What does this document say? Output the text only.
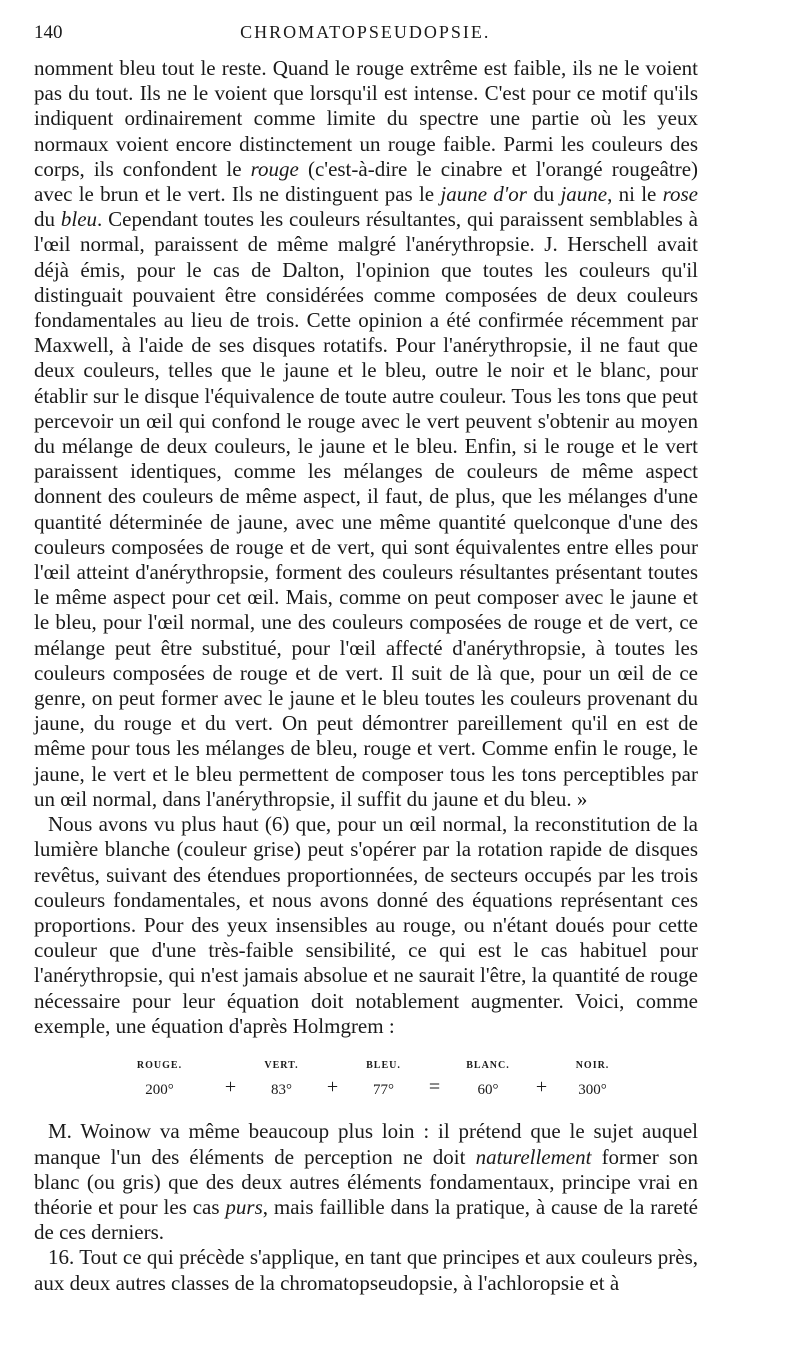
140	CHROMATOPSEUDOPSIE.

nomment bleu tout le reste. Quand le rouge extrême est faible, ils ne le voient pas du tout. Ils ne le voient que lorsqu'il est intense. C'est pour ce motif qu'ils indiquent ordinairement comme limite du spectre une partie où les yeux normaux voient encore distinctement un rouge faible. Parmi les couleurs des corps, ils confondent le rouge (c'est-à-dire le cinabre et l'orangé rougeâtre) avec le brun et le vert. Ils ne distinguent pas le jaune d'or du jaune, ni le rose du bleu. Cependant toutes les couleurs résultantes, qui paraissent semblables à l'œil normal, paraissent de même malgré l'anérythropsie. J. Herschell avait déjà émis, pour le cas de Dalton, l'opinion que toutes les couleurs qu'il distinguait pouvaient être considérées comme composées de deux couleurs fondamentales au lieu de trois. Cette opinion a été confirmée récemment par Maxwell, à l'aide de ses disques rotatifs. Pour l'anérythropsie, il ne faut que deux couleurs, telles que le jaune et le bleu, outre le noir et le blanc, pour établir sur le disque l'équivalence de toute autre couleur. Tous les tons que peut percevoir un œil qui confond le rouge avec le vert peuvent s'obtenir au moyen du mélange de deux couleurs, le jaune et le bleu. Enfin, si le rouge et le vert paraissent identiques, comme les mélanges de couleurs de même aspect donnent des couleurs de même aspect, il faut, de plus, que les mélanges d'une quantité déterminée de jaune, avec une même quantité quelconque d'une des couleurs composées de rouge et de vert, qui sont équivalentes entre elles pour l'œil atteint d'anérythropsie, forment des couleurs résultantes présentant toutes le même aspect pour cet œil. Mais, comme on peut composer avec le jaune et le bleu, pour l'œil normal, une des couleurs composées de rouge et de vert, ce mélange peut être substitué, pour l'œil affecté d'anérythropsie, à toutes les couleurs composées de rouge et de vert. Il suit de là que, pour un œil de ce genre, on peut former avec le jaune et le bleu toutes les couleurs provenant du jaune, du rouge et du vert. On peut démontrer pareillement qu'il en est de même pour tous les mélanges de bleu, rouge et vert. Comme enfin le rouge, le jaune, le vert et le bleu permettent de composer tous les tons perceptibles par un œil normal, dans l'anérythropsie, il suffit du jaune et du bleu. »

Nous avons vu plus haut (6) que, pour un œil normal, la reconstitution de la lumière blanche (couleur grise) peut s'opérer par la rotation rapide de disques revêtus, suivant des étendues proportionnées, de secteurs occupés par les trois couleurs fondamentales, et nous avons donné des équations représentant ces proportions. Pour des yeux insensibles au rouge, ou n'étant doués pour cette couleur que d'une très-faible sensibilité, ce qui est le cas habituel pour l'anérythropsie, qui n'est jamais absolue et ne saurait l'être, la quantité de rouge nécessaire pour leur équation doit notablement augmenter. Voici, comme exemple, une équation d'après Holmgrem :

ROUGE.	VERT.	BLEU.	BLANC.	NOIR.
200°	+	83°	+	77°	=	60°	+	300°

M. Woinow va même beaucoup plus loin : il prétend que le sujet auquel manque l'un des éléments de perception ne doit naturellement former son blanc (ou gris) que des deux autres éléments fondamentaux, principe vrai en théorie et pour les cas purs, mais faillible dans la pratique, à cause de la rareté de ces derniers.

16. Tout ce qui précède s'applique, en tant que principes et aux couleurs près, aux deux autres classes de la chromatopseudopsie, à l'achloropsie et à
